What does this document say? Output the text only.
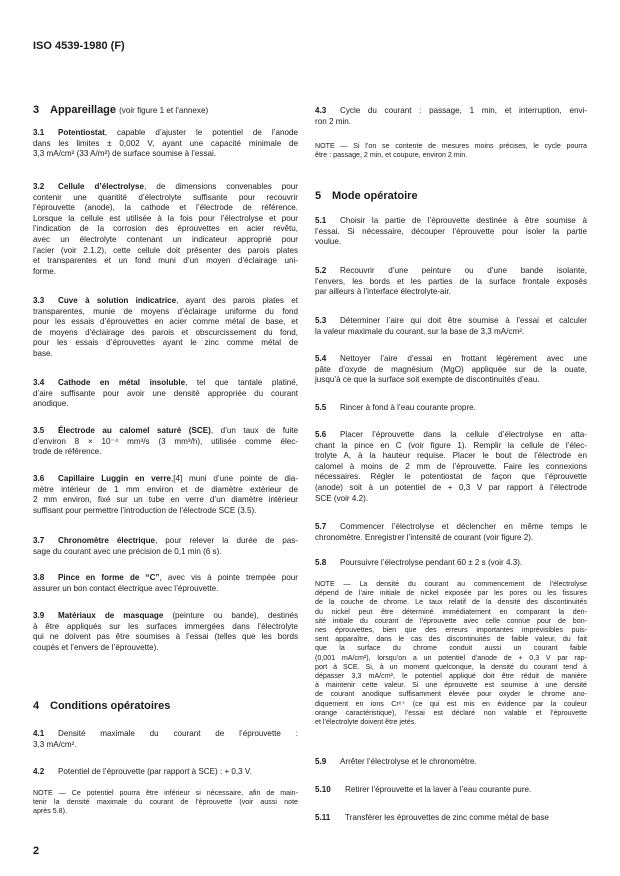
ISO 4539-1980 (F)
3 Appareillage (voir figure 1 et l’annexe)
3.1 Potentiostat, capable d’ajuster le potentiel de l’anode
dans les limites ± 0,002 V, ayant une capacité minimale de
3,3 mA/cm² (33 A/m²) de surface soumise à l’essai.
3.2 Cellule d’électrolyse, de dimensions convenables pour
contenir une quantité d’électrolyte suffisante pour recouvrir
l’éprouvette (anode), la cathode et l’électrode de référence.
Lorsque la cellule est utilisée à la fois pour l’électrolyse et pour
l’indication de la corrosion des éprouvettes en acier revêtu,
avec un électrolyte contenant un indicateur approprié pour
l’acier (voir 2.1.2), cette cellule doit présenter des parois plates
et transparentes et un fond muni d’un moyen d’éclairage uni-
forme.
3.3 Cuve à solution indicatrice, ayant des parois plates et
transparentes, munie de moyens d’éclairage uniforme du fond
pour les essais d’éprouvettes en acier comme métal de base, et
de moyens d’éclairage des parois et obscurcissement du fond,
pour les essais d’éprouvettes ayant le zinc comme métal de
base.
3.4 Cathode en métal insoluble, tel que tantale platiné,
d’aire suffisante pour avoir une densité appropriée du courant
anodique.
3.5 Électrode au calomel saturé (SCE), d’un taux de fuite
d’environ 8 × 10⁻⁴ mm³/s (3 mm³/h), utilisée comme élec-
trode de référence.
3.6 Capillaire Luggin en verre,[4] muni d’une pointe de dia-
mètre intérieur de 1 mm environ et de diamètre extérieur de
2 mm environ, fixé sur un tube en verre d’un diamètre intérieur
suffisant pour permettre l’introduction de l’électrode SCE (3.5).
3.7 Chronomètre électrique, pour relever la durée de pas-
sage du courant avec une précision de 0,1 min (6 s).
3.8 Pince en forme de “C”, avec vis à pointe trempée pour
assurer un bon contact électrique avec l’éprouvette.
3.9 Matériaux de masquage (peinture ou bande), destinés
à être appliqués sur les surfaces immergées dans l’électrolyte
qui ne doivent pas être soumises à l’essai (telles que les bords
coupés et l’envers de l’éprouvette).
4 Conditions opératoires
4.1 Densité maximale du courant de l’éprouvette :
3,3 mA/cm².
4.2 Potentiel de l’éprouvette (par rapport à SCE) : + 0,3 V.
NOTE — Ce potentiel pourra être inférieur si nécessaire, afin de main-
tenir la densité maximale du courant de l’éprouvette (voir aussi note
après 5.8).
4.3 Cycle du courant : passage, 1 min, et interruption, envi-
ron 2 min.
NOTE — Si l’on se contente de mesures moins précises, le cycle pourra
être : passage, 2 min, et coupure, environ 2 min.
5 Mode opératoire
5.1 Choisir la partie de l’éprouvette destinée à être soumise à
l’essai. Si nécessaire, découper l’éprouvette pour isoler la partie
voulue.
5.2 Recouvrir d’une peinture ou d’une bande isolante,
l’envers, les bords et les parties de la surface frontale exposés
par ailleurs à l’interface électrolyte-air.
5.3 Déterminer l’aire qui doit être soumise à l’essai et calculer
la valeur maximale du courant, sur la base de 3,3 mA/cm².
5.4 Nettoyer l’aire d’essai en frottant légèrement avec une
pâte d’oxyde de magnésium (MgO) appliquée sur de la ouate,
jusqu’à ce que la surface soit exempte de discontinuités d’eau.
5.5 Rincer à fond à l’eau courante propre.
5.6 Placer l’éprouvette dans la cellule d’électrolyse en atta-
chant la pince en C (voir figure 1). Remplir la cellule de l’élec-
trolyte A, à la hauteur requise. Placer le bout de l’électrode en
calomel à moins de 2 mm de l’éprouvette. Faire les connexions
nécessaires. Régler le potentiostat de façon que l’éprouvette
(anode) soit à un potentiel de + 0,3 V par rapport à l’électrode
SCE (voir 4.2).
5.7 Commencer l’électrolyse et déclencher en même temps le
chronomètre. Enregistrer l’intensité de courant (voir figure 2).
5.8 Poursuivre l’électrolyse pendant 60 ± 2 s (voir 4.3).
NOTE — La densité du courant au commencement de l’électrolyse
dépend de l’aire initiale de nickel exposée par les pores ou les fissures
de la couche de chrome. Le taux relatif de la densité des discontinuités
du nickel peut être déterminé immédiatement en comparant la den-
sité initiale du courant de l’éprouvette avec celle connue pour de bon-
nes éprouvettes, bien que des erreurs importantes imprévisibles puis-
sent apparaître, dans le cas des discontinuités de faible valeur, du fait
que la surface du chrome conduit aussi un courant faible
(0,001 mA/cm²), lorsqu’on a un potentiel d’anode de + 0,3 V par rap-
port à SCE. Si, à un moment quelconque, la densité du courant tend à
dépasser 3,3 mA/cm², le potentiel appliqué doit être réduit de manière
à maintenir cette valeur. Si une éprouvette est soumise à une densité
de courant anodique suffisamment élevée pour oxyder le chrome ano-
diquement en ions Cr⁶⁺ (ce qui est mis en évidence par la couleur
orange caractéristique), l’essai est déclaré non valable et l’éprouvette
et l’électrolyte doivent être jetés.
5.9 Arrêter l’électrolyse et le chronomètre.
5.10 Retirer l’éprouvette et la laver à l’eau courante pure.
5.11 Transférer les éprouvettes de zinc comme métal de base
2
